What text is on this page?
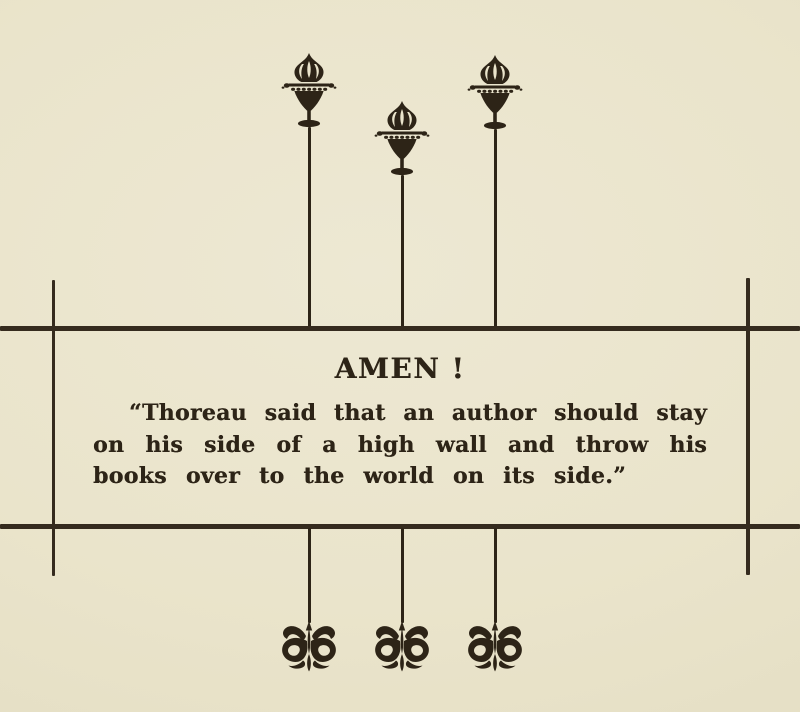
AMEN !
“Thoreau said that an author should stay
on his side of a high wall and throw his
books over to the world on its side.”
